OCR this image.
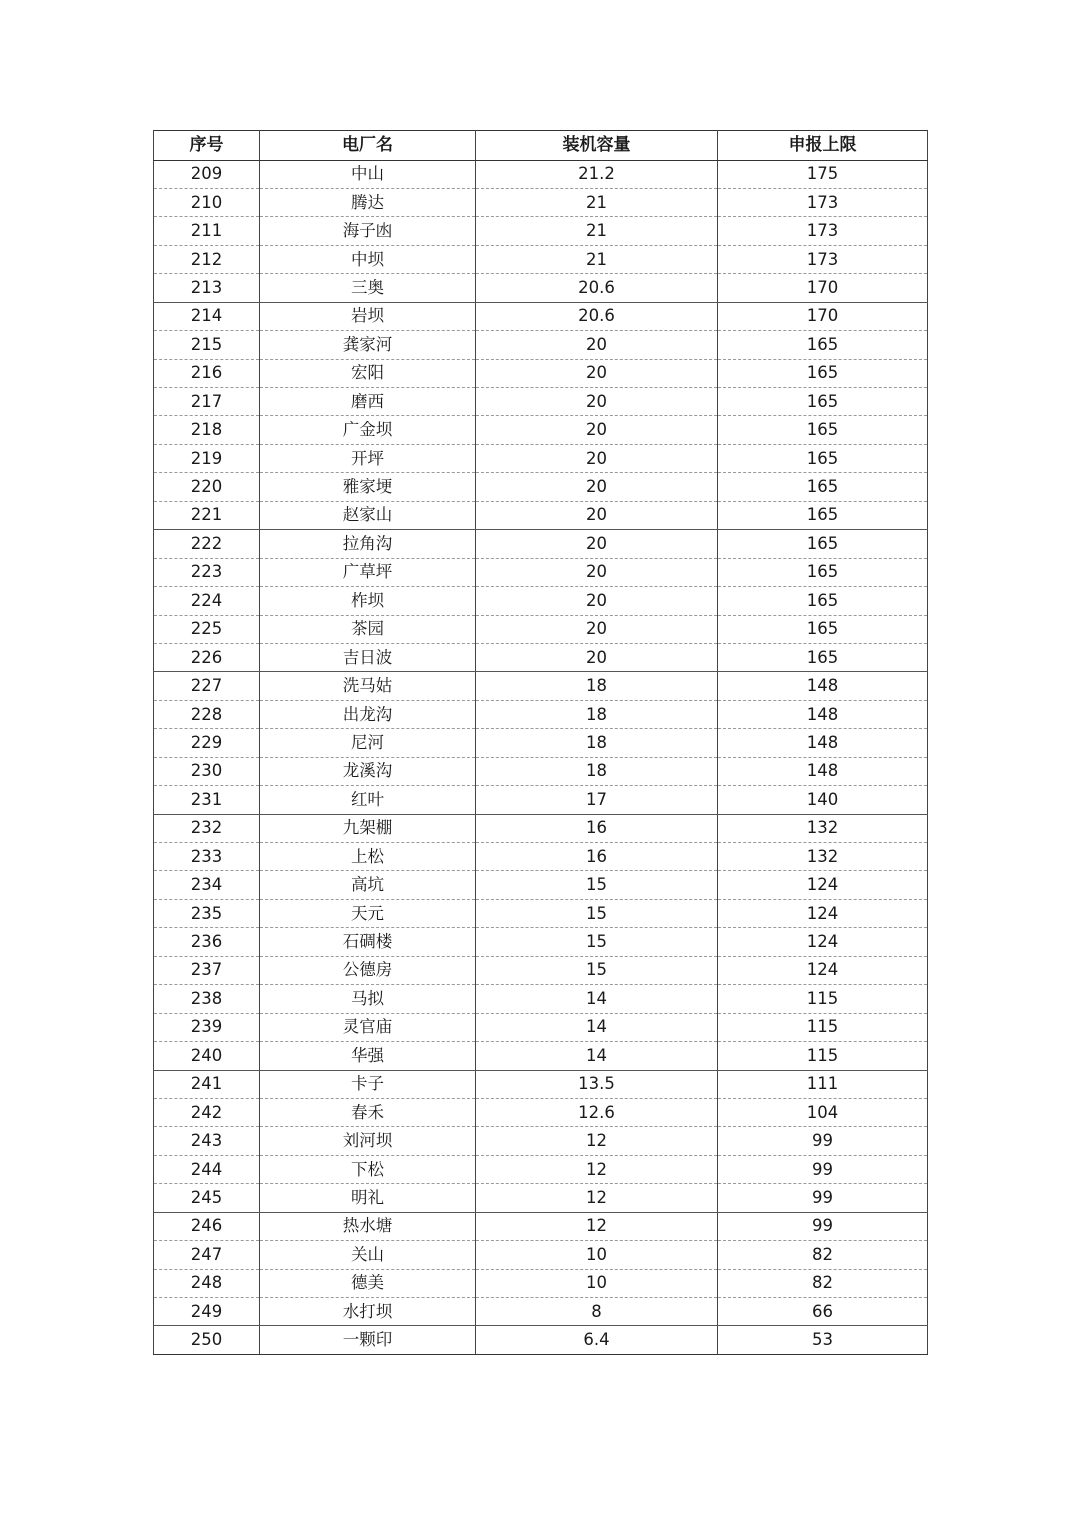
序号	电厂名	装机容量	申报上限
209	中山	21.2	175
210	腾达	21	173
211	海子凼	21	173
212	中坝	21	173
213	三奥	20.6	170
214	岩坝	20.6	170
215	龚家河	20	165
216	宏阳	20	165
217	磨西	20	165
218	广金坝	20	165
219	开坪	20	165
220	雅家埂	20	165
221	赵家山	20	165
222	拉角沟	20	165
223	广草坪	20	165
224	柞坝	20	165
225	茶园	20	165
226	吉日波	20	165
227	洗马姑	18	148
228	出龙沟	18	148
229	尼河	18	148
230	龙溪沟	18	148
231	红叶	17	140
232	九架棚	16	132
233	上松	16	132
234	高坑	15	124
235	天元	15	124
236	石碉楼	15	124
237	公德房	15	124
238	马拟	14	115
239	灵官庙	14	115
240	华强	14	115
241	卡子	13.5	111
242	春禾	12.6	104
243	刘河坝	12	99
244	下松	12	99
245	明礼	12	99
246	热水塘	12	99
247	关山	10	82
248	德美	10	82
249	水打坝	8	66
250	一颗印	6.4	53
